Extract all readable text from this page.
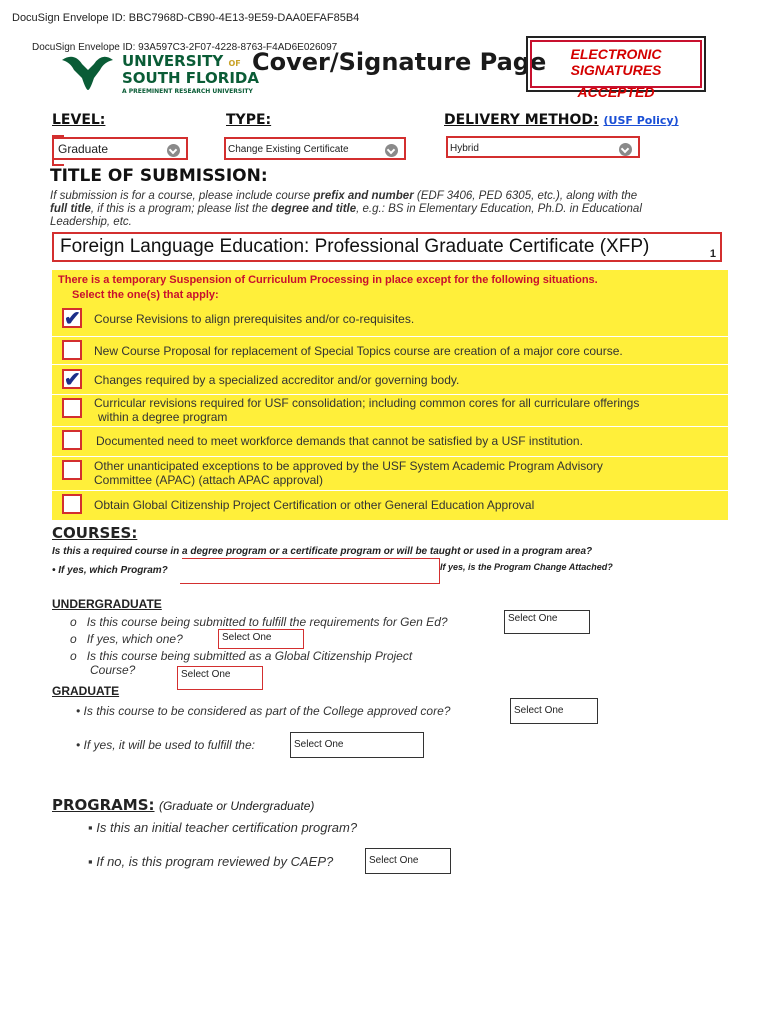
DocuSign Envelope ID: BBC7968D-CB90-4E13-9E59-DAA0EFAF85B4
DocuSign Envelope ID: 93A597C3-2F07-4228-8763-F4AD6E026097
UNIVERSITY OF
SOUTH FLORIDA
A PREEMINENT RESEARCH UNIVERSITY
Cover/Signature Page	ELECTRONIC SIGNATURES
ACCEPTED
LEVEL:	TYPE:	DELIVERY METHOD: (USF Policy)
Graduate	Change Existing Certificate	Hybrid
TITLE OF SUBMISSION:
If submission is for a course, please include course prefix and number (EDF 3406, PED 6305, etc.), along with the
full title, if this is a program; please list the degree and title, e.g.: BS in Elementary Education, Ph.D. in Educational
Leadership, etc.
Foreign Language Education: Professional Graduate Certificate (XFP)	1
There is a temporary Suspension of Curriculum Processing in place except for the following situations.
Select the one(s) that apply:
✔ Course Revisions to align prerequisites and/or co-requisites.
New Course Proposal for replacement of Special Topics course are creation of a major core course.
✔ Changes required by a specialized accreditor and/or governing body.
Curricular revisions required for USF consolidation; including common cores for all curriculare offerings
within a degree program
Documented need to meet workforce demands that cannot be satisfied by a USF institution.
Other unanticipated exceptions to be approved by the USF System Academic Program Advisory
Committee (APAC) (attach APAC approval)
Obtain Global Citizenship Project Certification or other General Education Approval
COURSES:
Is this a required course in a degree program or a certificate program or will be taught or used in a program area?
• If yes, which Program?	If yes, is the Program Change Attached?
UNDERGRADUATE
o Is this course being submitted to fulfill the requirements for Gen Ed?	Select One
o If yes, which one?	Select One
o Is this course being submitted as a Global Citizenship Project
Course?	Select One
GRADUATE
• Is this course to be considered as part of the College approved core?	Select One
• If yes, it will be used to fulfill the:	Select One
PROGRAMS: (Graduate or Undergraduate)
▪ Is this an initial teacher certification program?
▪ If no, is this program reviewed by CAEP?	Select One
